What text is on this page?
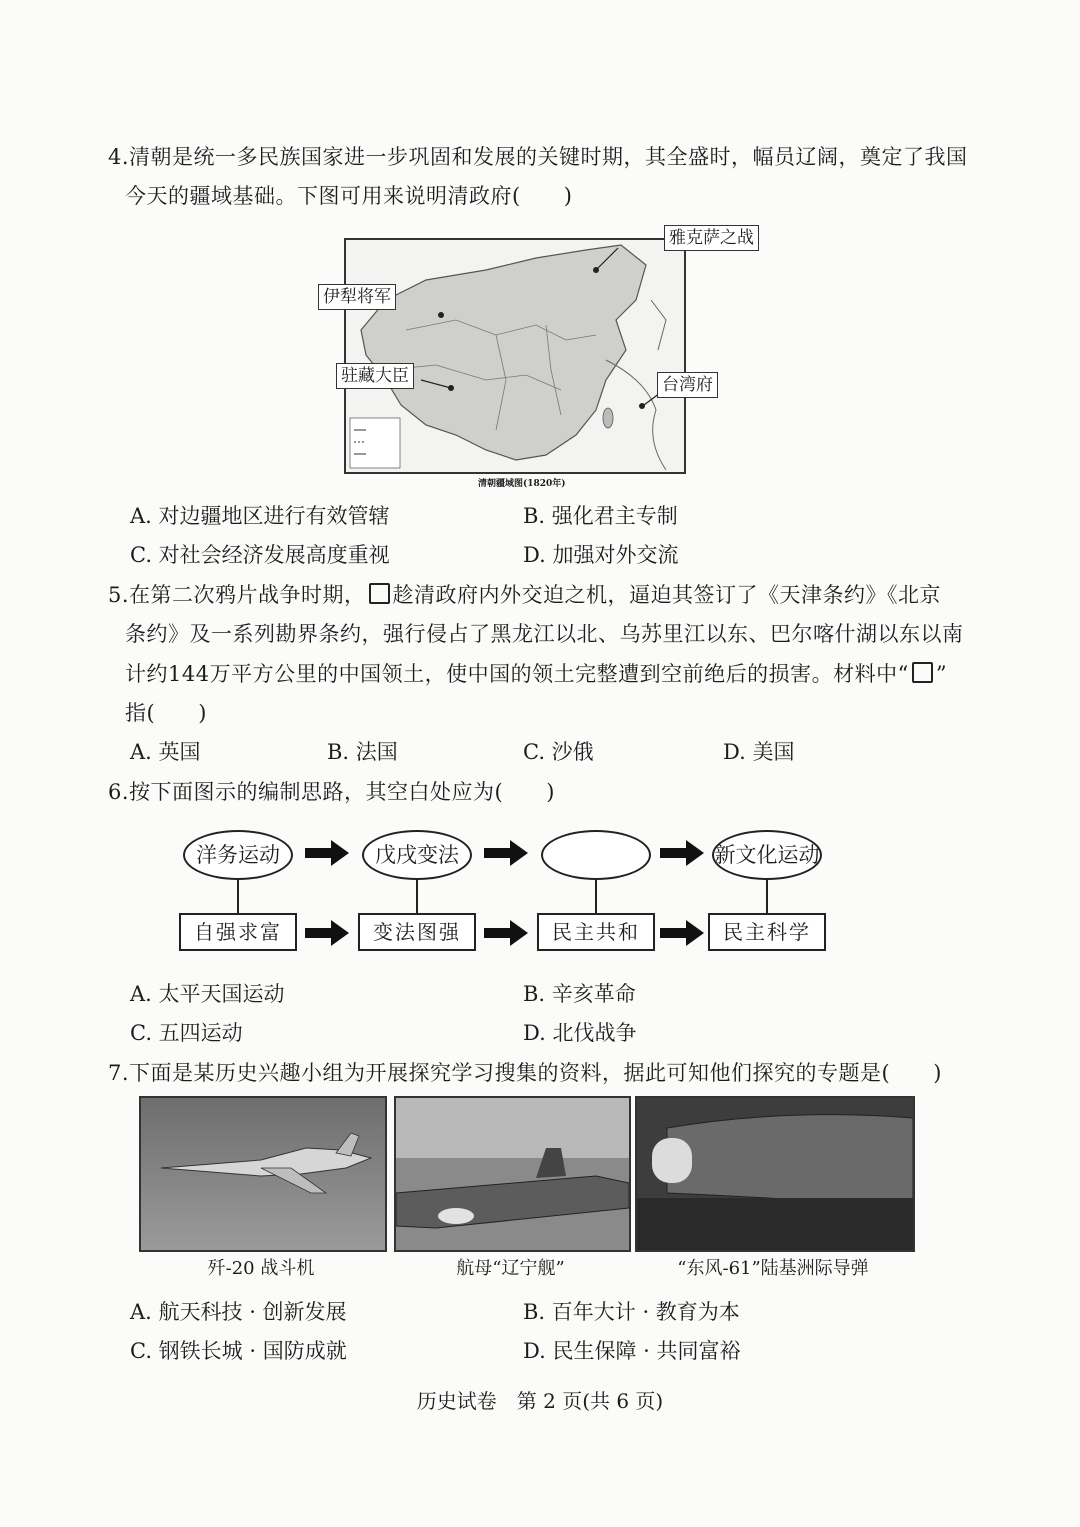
4.清朝是统一多民族国家进一步巩固和发展的关键时期，其全盛时，幅员辽阔，奠定了我国
今天的疆域基础。下图可用来说明清政府(　　)
雅克萨之战
伊犁将军
驻藏大臣	台湾府
清朝疆域图(1820年)
A. 对边疆地区进行有效管辖	B. 强化君主专制
C. 对社会经济发展高度重视	D. 加强对外交流
5.在第二次鸦片战争时期， 趁清政府内外交迫之机，逼迫其签订了《天津条约》《北京
条约》及一系列勘界条约，强行侵占了黑龙江以北、乌苏里江以东、巴尔喀什湖以东以南
计约144万平方公里的中国领土，使中国的领土完整遭到空前绝后的损害。材料中“ ”
指(　　)
A. 英国	B. 法国	C. 沙俄	D. 美国
6.按下面图示的编制思路，其空白处应为(　　)
洋务运动	戊戌变法	新文化运动
自强求富	变法图强	民主共和	民主科学
A. 太平天国运动	B. 辛亥革命
C. 五四运动	D. 北伐战争
7.下面是某历史兴趣小组为开展探究学习搜集的资料，据此可知他们探究的专题是(　　)
歼-20 战斗机	航母“辽宁舰”	“东风-61”陆基洲际导弹
A. 航天科技 · 创新发展	B. 百年大计 · 教育为本
C. 钢铁长城 · 国防成就	D. 民生保障 · 共同富裕
历史试卷　第 2 页(共 6 页)
